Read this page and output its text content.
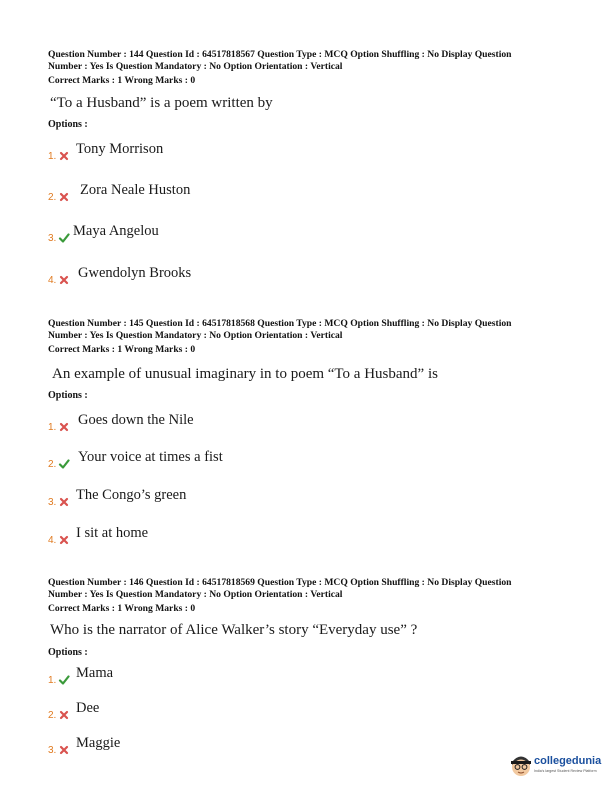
Question Number : 144 Question Id : 64517818567 Question Type : MCQ Option Shuffling : No Display Question
Number : Yes Is Question Mandatory : No Option Orientation : Vertical
Correct Marks : 1 Wrong Marks : 0
“To a Husband” is a poem written by
Options :
1. Tony Morrison
2. Zora Neale Huston
3. Maya Angelou
4. Gwendolyn Brooks
Question Number : 145 Question Id : 64517818568 Question Type : MCQ Option Shuffling : No Display Question
Number : Yes Is Question Mandatory : No Option Orientation : Vertical
Correct Marks : 1 Wrong Marks : 0
An example of unusual imaginary in to poem “To a Husband” is
Options :
1. Goes down the Nile
2. Your voice at times a fist
3. The Congo’s green
4. I sit at home
Question Number : 146 Question Id : 64517818569 Question Type : MCQ Option Shuffling : No Display Question
Number : Yes Is Question Mandatory : No Option Orientation : Vertical
Correct Marks : 1 Wrong Marks : 0
Who is the narrator of Alice Walker’s story “Everyday use” ?
Options :
1. Mama
2. Dee
3. Maggie
collegedunia
India's largest Student Review Platform
